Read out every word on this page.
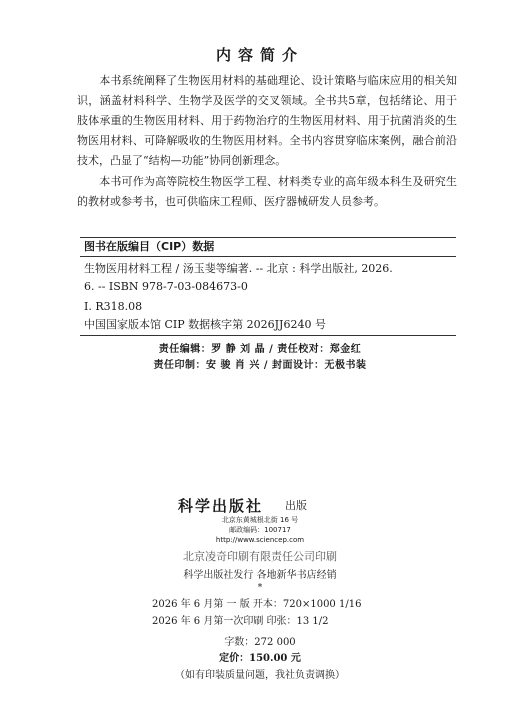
内容简介
本书系统阐释了生物医用材料的基础理论、设计策略与临床应用的相关知识，涵盖材料科学、生物学及医学的交叉领域。全书共5章，包括绪论、用于肢体承重的生物医用材料、用于药物治疗的生物医用材料、用于抗菌消炎的生物医用材料、可降解吸收的生物医用材料。全书内容贯穿临床案例，融合前沿技术，凸显了“结构—功能”协同创新理念。
本书可作为高等院校生物医学工程、材料类专业的高年级本科生及研究生的教材或参考书，也可供临床工程师、医疗器械研发人员参考。
图书在版编目（CIP）数据
生物医用材料工程 / 汤玉斐等编著. -- 北京 : 科学出版社, 2026.
6. -- ISBN 978-7-03-084673-0
Ⅰ. R318.08
中国国家版本馆 CIP 数据核字第 2026JJ6240 号
责任编辑：罗 静 刘 晶 / 责任校对：郑金红
责任印制：安 骏 肖 兴 / 封面设计：无极书装
科学出版社 出版
北京东黄城根北街 16 号
邮政编码：100717
http://www.sciencep.com
北京凌奇印刷有限责任公司印刷
科学出版社发行 各地新华书店经销
*
2026 年 6 月第 一 版 开本：720×1000 1/16
2026 年 6 月第一次印刷 印张：13 1/2
字数：272 000
定价：150.00 元
（如有印装质量问题，我社负责调换）
